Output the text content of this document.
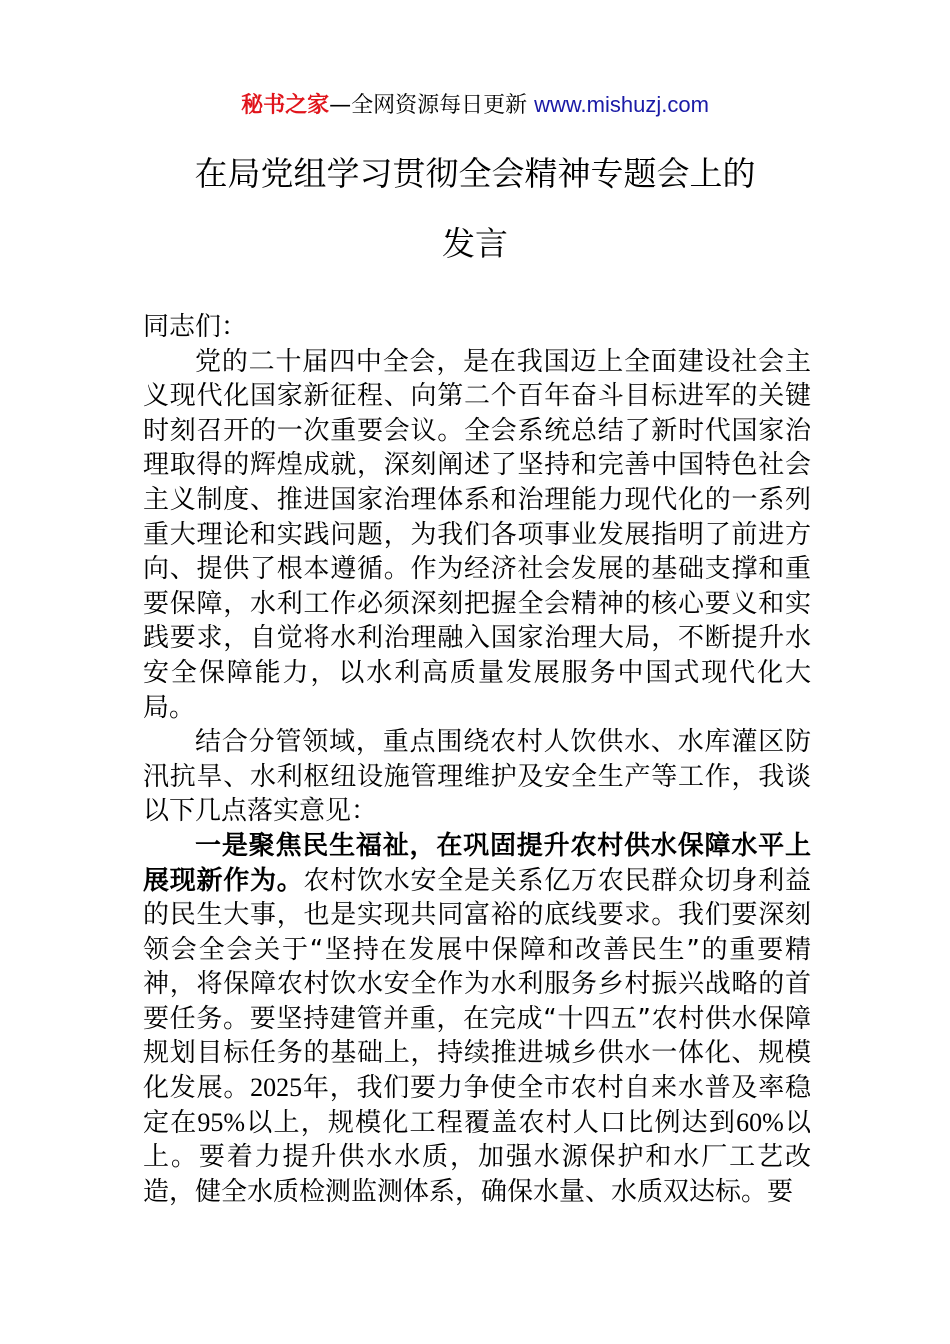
秘书之家—全网资源每日更新 www.mishuzj.com
在局党组学习贯彻全会精神专题会上的
发言

同志们：

党的二十届四中全会，是在我国迈上全面建设社会主义现代化国家新征程、向第二个百年奋斗目标进军的关键时刻召开的一次重要会议。全会系统总结了新时代国家治理取得的辉煌成就，深刻阐述了坚持和完善中国特色社会主义制度、推进国家治理体系和治理能力现代化的一系列重大理论和实践问题，为我们各项事业发展指明了前进方向、提供了根本遵循。作为经济社会发展的基础支撑和重要保障，水利工作必须深刻把握全会精神的核心要义和实践要求，自觉将水利治理融入国家治理大局，不断提升水安全保障能力，以水利高质量发展服务中国式现代化大局。

结合分管领域，重点围绕农村人饮供水、水库灌区防汛抗旱、水利枢纽设施管理维护及安全生产等工作，我谈以下几点落实意见：

一是聚焦民生福祉，在巩固提升农村供水保障水平上展现新作为。农村饮水安全是关系亿万农民群众切身利益的民生大事，也是实现共同富裕的底线要求。我们要深刻领会全会关于“坚持在发展中保障和改善民生”的重要精神，将保障农村饮水安全作为水利服务乡村振兴战略的首要任务。要坚持建管并重，在完成“十四五”农村供水保障规划目标任务的基础上，持续推进城乡供水一体化、规模化发展。2025年，我们要力争使全市农村自来水普及率稳定在95%以上，规模化工程覆盖农村人口比例达到60%以上。要着力提升供水水质，加强水源保护和水厂工艺改造，健全水质检测监测体系，确保水量、水质双达标。要
